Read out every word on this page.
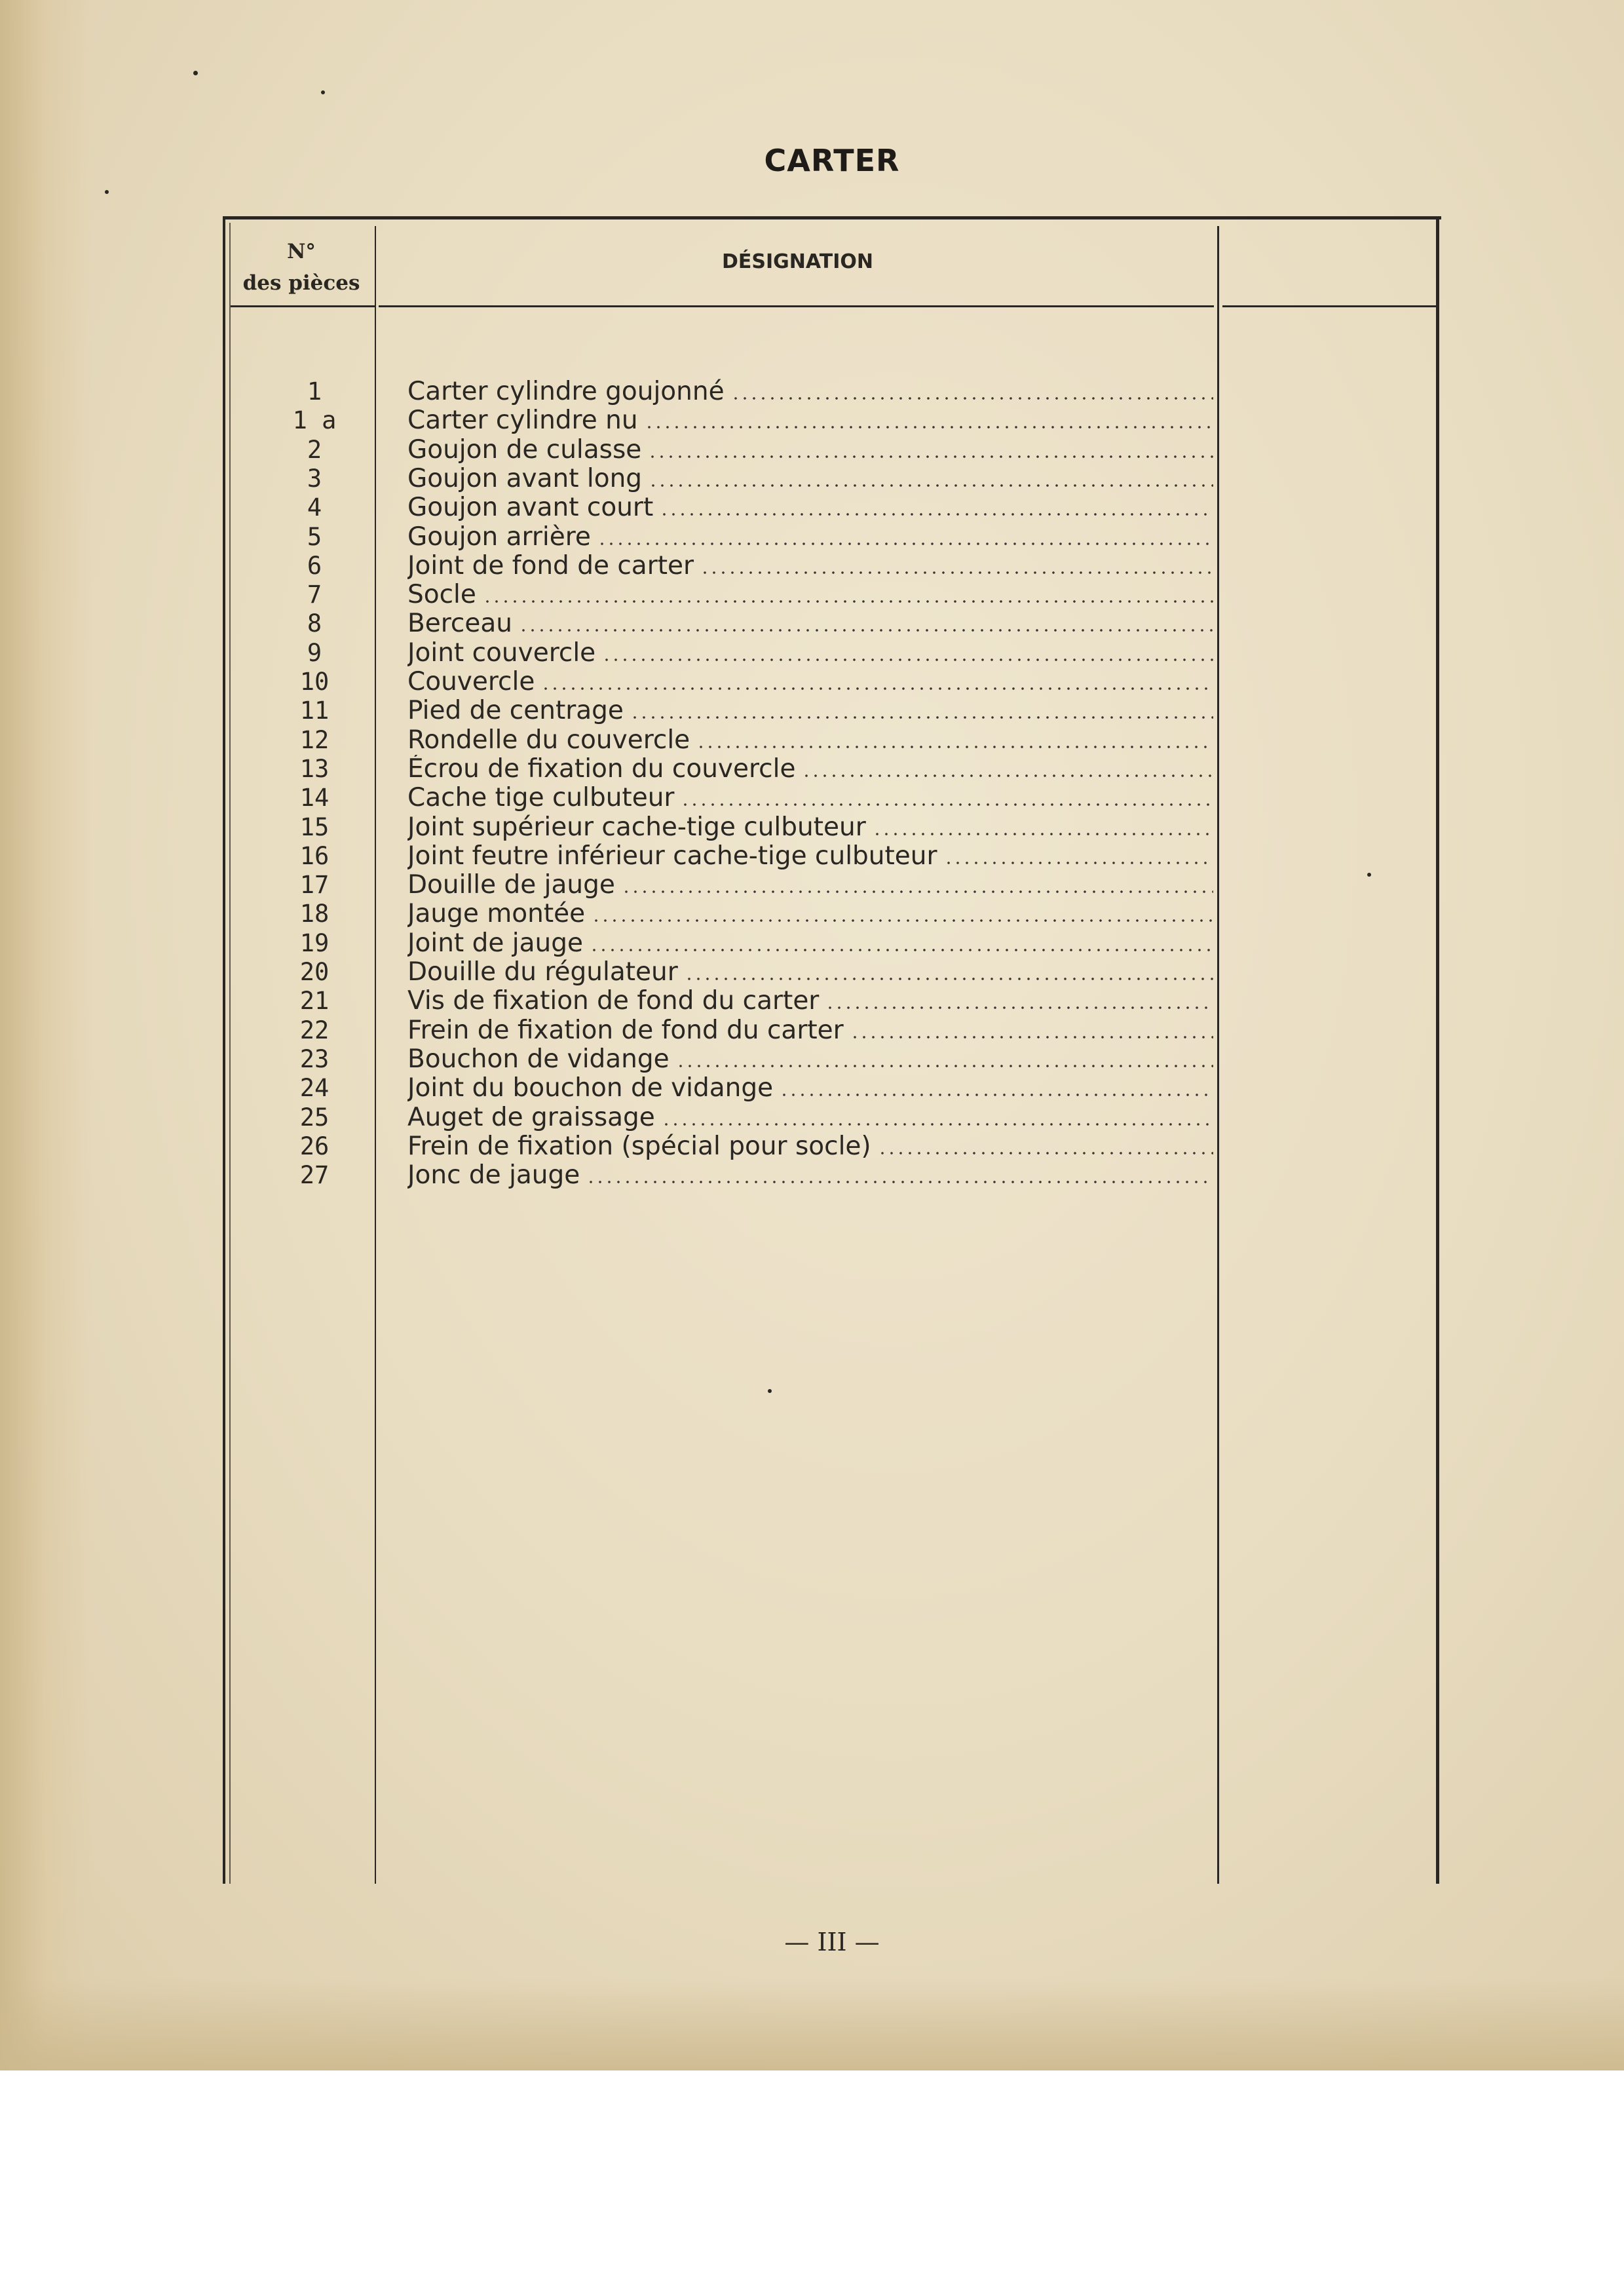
CARTER
N°
des pièces
DÉSIGNATION
1	Carter cylindre goujonné
1 a	Carter cylindre nu
2	Goujon de culasse
3	Goujon avant long
4	Goujon avant court
5	Goujon arrière
6	Joint de fond de carter
7	Socle
8	Berceau
9	Joint couvercle
10	Couvercle
11	Pied de centrage
12	Rondelle du couvercle
13	Écrou de fixation du couvercle
14	Cache tige culbuteur
15	Joint supérieur cache-tige culbuteur
16	Joint feutre inférieur cache-tige culbuteur
17	Douille de jauge
18	Jauge montée
19	Joint de jauge
20	Douille du régulateur
21	Vis de fixation de fond du carter
22	Frein de fixation de fond du carter
23	Bouchon de vidange
24	Joint du bouchon de vidange
25	Auget de graissage
26	Frein de fixation (spécial pour socle)
27	Jonc de jauge
— III —
